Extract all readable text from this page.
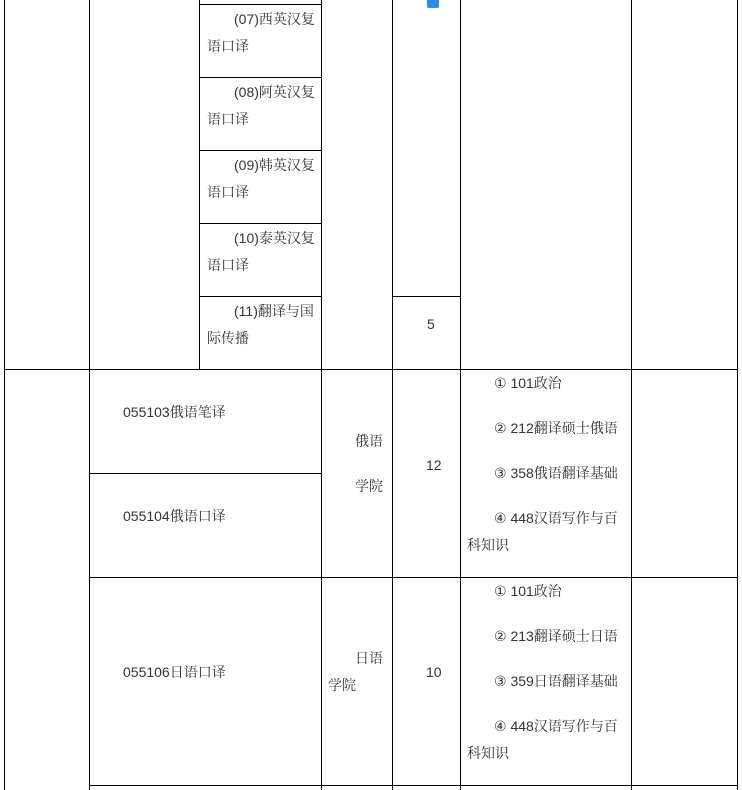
(07)西英汉复
语口译
(08)阿英汉复
语口译
(09)韩英汉复
语口译
(10)泰英汉复
语口译
(11)翻译与国
际传播
5
055103俄语笔译
055104俄语口译
俄语
学院
12
① 101政治
② 212翻译硕士俄语
③ 358俄语翻译基础
④ 448汉语写作与百
科知识
055106日语口译
日语
学院
10
① 101政治
② 213翻译硕士日语
③ 359日语翻译基础
④ 448汉语写作与百
科知识
